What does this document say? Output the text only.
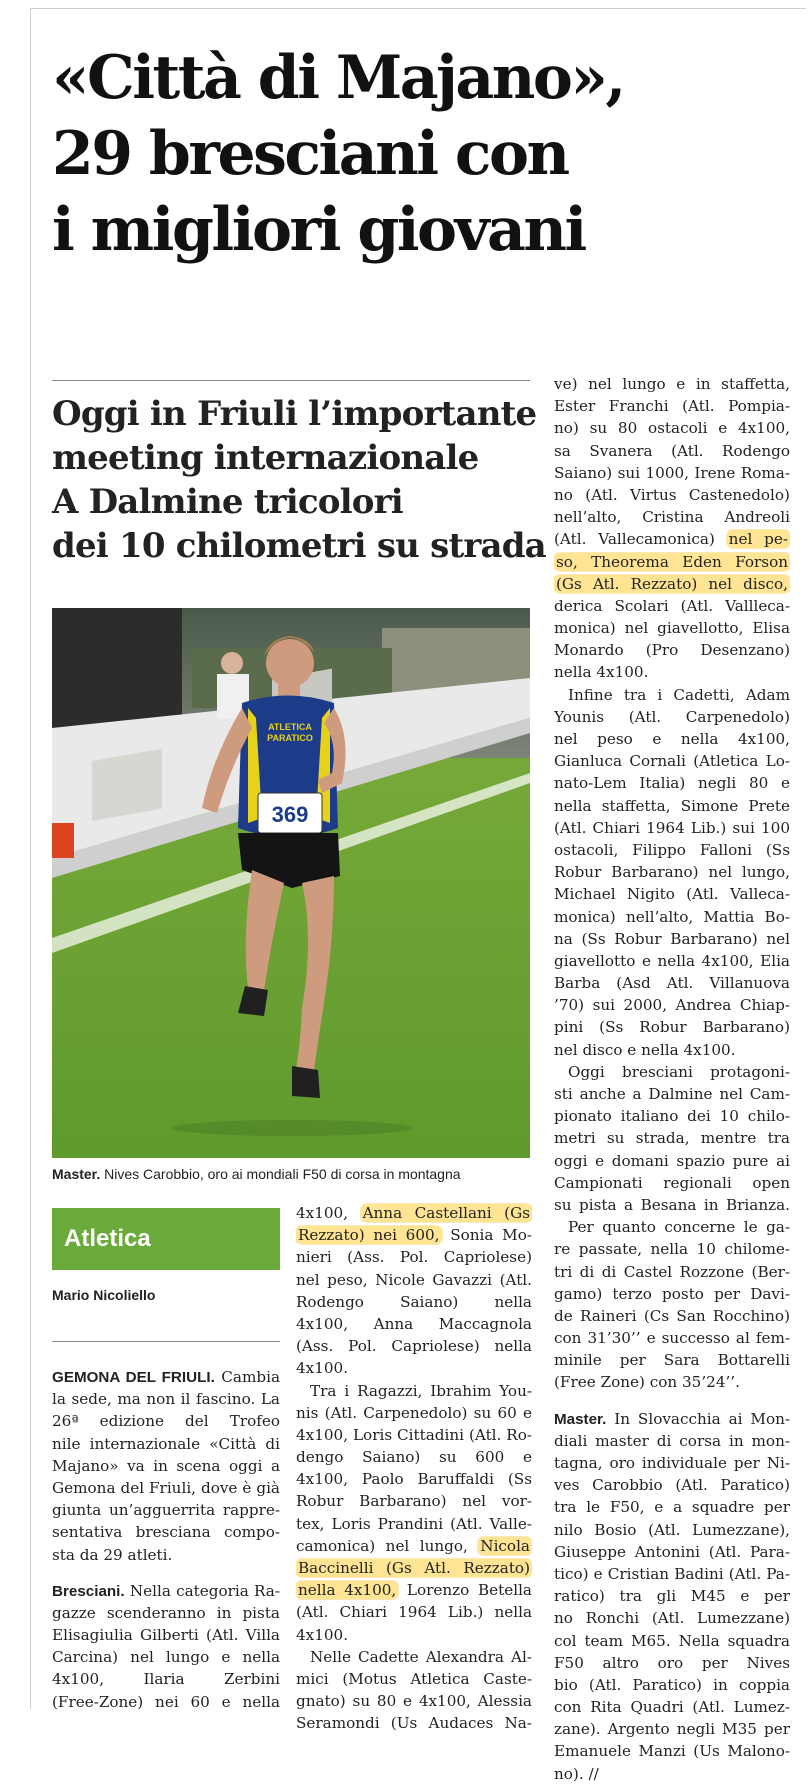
«Città di Majano»,
29 bresciani con
i migliori giovani
Oggi in Friuli l’importante
meeting internazionale
A Dalmine tricolori
dei 10 chilometri su strada
369
ATLETICA
PARATICO
Master. Nives Carobbio, oro ai mondiali F50 di corsa in montagna
Atletica
Mario Nicoliello
GEMONA DEL FRIULI. Cambia
la sede, ma non il fascino. La
26ª edizione del Trofeo
nile internazionale «Città di
Majano» va in scena oggi a
Gemona del Friuli, dove è già
giunta un’agguerrita rappre-
sentativa bresciana compo-
sta da 29 atleti.
Bresciani. Nella categoria Ra-
gazze scenderanno in pista
Elisagiulia Gilberti (Atl. Villa
Carcina) nel lungo e nella
4x100, Ilaria Zerbini
(Free-Zone) nei 60 e nella
4x100, Anna Castellani (Gs
Rezzato) nei 600, Sonia Mo-
nieri (Ass. Pol. Capriolese)
nel peso, Nicole Gavazzi (Atl.
Rodengo Saiano) nella
4x100, Anna Maccagnola
(Ass. Pol. Capriolese) nella
4x100.
Tra i Ragazzi, Ibrahim You-
nis (Atl. Carpenedolo) su 60 e
4x100, Loris Cittadini (Atl. Ro-
dengo Saiano) su 600 e
4x100, Paolo Baruffaldi (Ss
Robur Barbarano) nel vor-
tex, Loris Prandini (Atl. Valle-
camonica) nel lungo, Nicola
Baccinelli (Gs Atl. Rezzato)
nella 4x100, Lorenzo Betella
(Atl. Chiari 1964 Lib.) nella
4x100.
Nelle Cadette Alexandra Al-
mici (Motus Atletica Caste-
gnato) su 80 e 4x100, Alessia
Seramondi (Us Audaces Na-
ve) nel lungo e in staffetta,
Ester Franchi (Atl. Pompia-
no) su 80 ostacoli e 4x100,
sa Svanera (Atl. Rodengo
Saiano) sui 1000, Irene Roma-
no (Atl. Virtus Castenedolo)
nell’alto, Cristina Andreoli
(Atl. Vallecamonica) nel pe-
so, Theorema Eden Forson
(Gs Atl. Rezzato) nel disco,
derica Scolari (Atl. Vallleca-
monica) nel giavellotto, Elisa
Monardo (Pro Desenzano)
nella 4x100.
Infine tra i Cadetti, Adam
Younis (Atl. Carpenedolo)
nel peso e nella 4x100,
Gianluca Cornali (Atletica Lo-
nato-Lem Italia) negli 80 e
nella staffetta, Simone Prete
(Atl. Chiari 1964 Lib.) sui 100
ostacoli, Filippo Falloni (Ss
Robur Barbarano) nel lungo,
Michael Nigito (Atl. Valleca-
monica) nell’alto, Mattia Bo-
na (Ss Robur Barbarano) nel
giavellotto e nella 4x100, Elia
Barba (Asd Atl. Villanuova
’70) sui 2000, Andrea Chiap-
pini (Ss Robur Barbarano)
nel disco e nella 4x100.
Oggi bresciani protagoni-
sti anche a Dalmine nel Cam-
pionato italiano dei 10 chilo-
metri su strada, mentre tra
oggi e domani spazio pure ai
Campionati regionali open
su pista a Besana in Brianza.
Per quanto concerne le ga-
re passate, nella 10 chilome-
tri di di Castel Rozzone (Ber-
gamo) terzo posto per Davi-
de Raineri (Cs San Rocchino)
con 31’30’’ e successo al fem-
minile per Sara Bottarelli
(Free Zone) con 35’24’’.
Master. In Slovacchia ai Mon-
diali master di corsa in mon-
tagna, oro individuale per Ni-
ves Carobbio (Atl. Paratico)
tra le F50, e a squadre per
nilo Bosio (Atl. Lumezzane),
Giuseppe Antonini (Atl. Para-
tico) e Cristian Badini (Atl. Pa-
ratico) tra gli M45 e per
no Ronchi (Atl. Lumezzane)
col team M65. Nella squadra
F50 altro oro per Nives
bio (Atl. Paratico) in coppia
con Rita Quadri (Atl. Lumez-
zane). Argento negli M35 per
Emanuele Manzi (Us Malono-
no). //
